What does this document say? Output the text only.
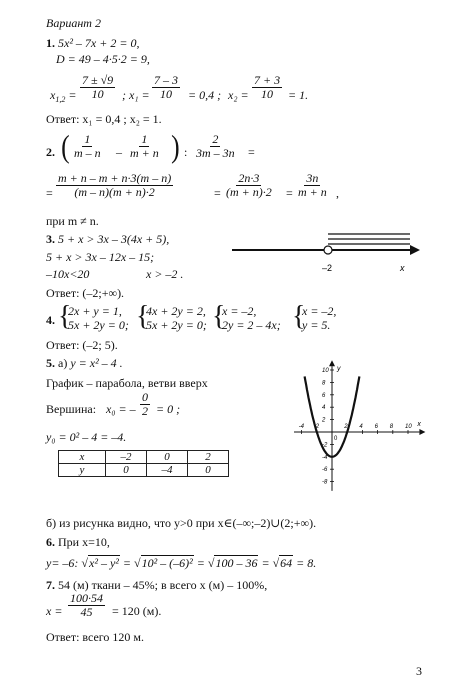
Вариант 2
1. 5x² – 7x + 2 = 0,
D = 49 – 4·5·2 = 9,
$x_{1,2} = \frac{7 \pm √9}{10}$ ; $x_1 = \frac{7 - 3}{10} = 0,4$ ; $x_2 = \frac{7 + 3}{10} = 1$.
Ответ: x₁ = 0,4 ; x₂ = 1.
2. ( $\frac{1}{m - n} - \frac{1}{m + n}$ ) : $\frac{2}{3m - 3n}$ =
= $\frac{m + n - m + n\cdot 3(m - n)}{(m - n)(m + n)\cdot 2}$	= $\frac{2n\cdot 3}{(m + n)\cdot 2} = \frac{3n}{m + n}$ ,
при m ≠ n.
3. 5 + x > 3x – 3(4x + 5),
5 + x > 3x – 12x – 15;
–10x<20	x > –2 .
Ответ: (–2;+∞).
–2	x
4. {
2x + y = 1,
5x + 2y = 0; {
4x + 2y = 2,
5x + 2y = 0; {
x = –2,
2y = 2 – 4x; {
x = –2,
y = 5.
Ответ: (–2; 5).
5. а) y = x² – 4 .
График – парабола, ветви вверх
Вершина: x₀ = – $\frac{0}{2} = 0$ ;
y₀ = 0² – 4 = –4.
x	–2	0	2
y	0	–4	0
-4 -2	2 4 6 8 10
10
8
6
4
2
-2
-4
-6
-8
0
y
x
б) из рисунка видно, что y>0 при x∈(–∞;–2)∪(2;+∞).
6. При x=10,
y= –6: √x² – y² = √10² – (–6)² = √100 – 36 = √64 = 8.
7. 54 (м) ткани – 45%; в всего x (м) – 100%,
$x = \frac{100\cdot 54}{45} = 120$ (м).
Ответ: всего 120 м.
3
